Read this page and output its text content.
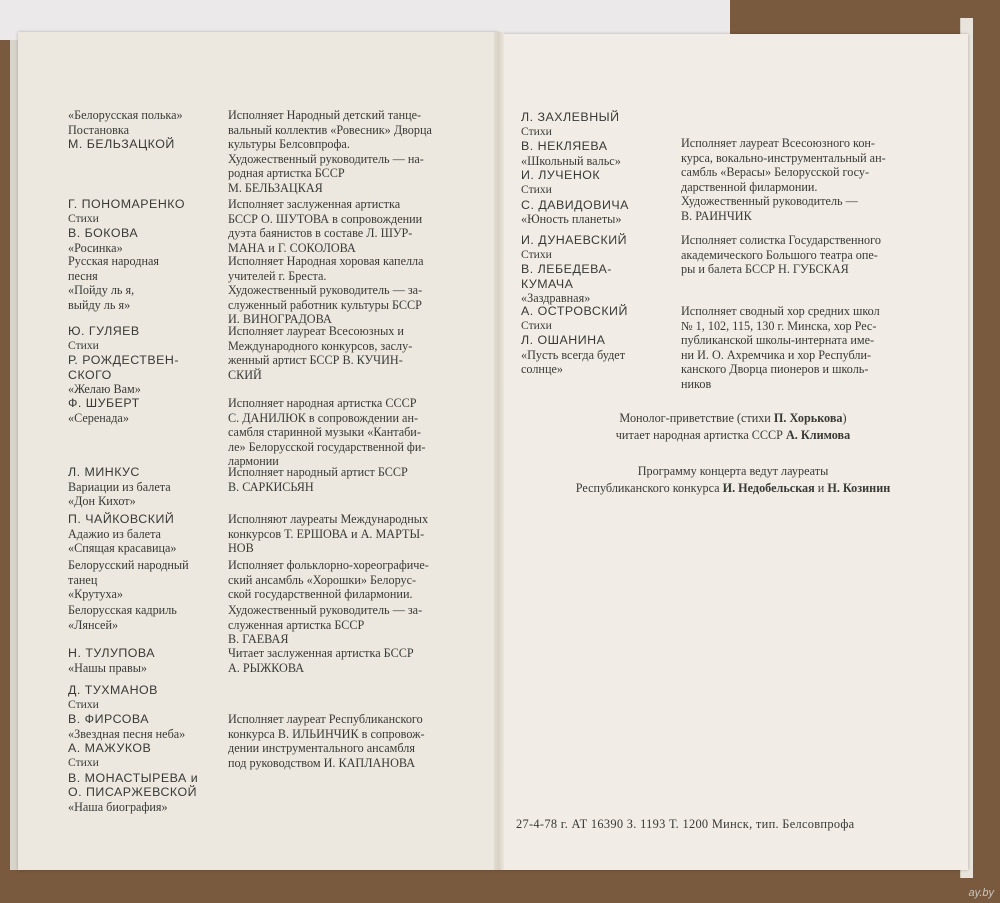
«Белорусская полька»
Постановка
М. БЕЛЬЗАЦКОЙ
Исполняет Народный детский танце-
вальный коллектив «Ровесник» Дворца
культуры Белсовпрофа.
Художественный руководитель — на-
родная артистка БССР
М. БЕЛЬЗАЦКАЯ
Г. ПОНОМАРЕНКО
Стихи
В. БОКОВА
«Росинка»
Исполняет заслуженная артистка
БССР О. ШУТОВА в сопровождении
дуэта баянистов в составе Л. ШУР-
МАНА и Г. СОКОЛОВА
Русская народная
песня
«Пойду ль я,
выйду ль я»
Исполняет Народная хоровая капелла
учителей г. Бреста.
Художественный руководитель — за-
служенный работник культуры БССР
И. ВИНОГРАДОВА
Ю. ГУЛЯЕВ
Стихи
Р. РОЖДЕСТВЕН-
СКОГО
«Желаю Вам»
Исполняет лауреат Всесоюзных и
Международного конкурсов, заслу-
женный артист БССР В. КУЧИН-
СКИЙ
Ф. ШУБЕРТ
«Серенада»
Исполняет народная артистка СССР
С. ДАНИЛЮК в сопровождении ан-
самбля старинной музыки «Кантаби-
ле» Белорусской государственной фи-
лармонии
Л. МИНКУС
Вариации из балета
«Дон Кихот»
Исполняет народный артист БССР
В. САРКИСЬЯН
П. ЧАЙКОВСКИЙ
Адажио из балета
«Спящая красавица»
Исполняют лауреаты Международных
конкурсов Т. ЕРШОВА и А. МАРТЫ-
НОВ
Белорусский народный
танец
«Крутуха»
Исполняет фольклорно-хореографиче-
ский ансамбль «Хорошки» Белорус-
ской государственной филармонии.
Белорусская кадриль
«Лянсей»
Художественный руководитель — за-
служенная артистка БССР
В. ГАЕВАЯ
Н. ТУЛУПОВА
«Нашы правы»
Читает заслуженная артистка БССР
А. РЫЖКОВА
Д. ТУХМАНОВ
Стихи
В. ФИРСОВА
«Звездная песня неба»
А. МАЖУКОВ
Стихи
В. МОНАСТЫРЕВА и
О. ПИСАРЖЕВСКОЙ
«Наша биография»
Исполняет лауреат Республиканского
конкурса В. ИЛЬИНЧИК в сопровож-
дении инструментального ансамбля
под руководством И. КАПЛАНОВА
Л. ЗАХЛЕВНЫЙ
Стихи
В. НЕКЛЯЕВА
«Школьный вальс»
И. ЛУЧЕНОК
Стихи
С. ДАВИДОВИЧА
«Юность планеты»
Исполняет лауреат Всесоюзного кон-
курса, вокально-инструментальный ан-
самбль «Верасы» Белорусской госу-
дарственной филармонии.
Художественный руководитель —
В. РАИНЧИК
И. ДУНАЕВСКИЙ
Стихи
В. ЛЕБЕДЕВА-
КУМАЧА
«Заздравная»
Исполняет солистка Государственного
академического Большого театра опе-
ры и балета БССР Н. ГУБСКАЯ
А. ОСТРОВСКИЙ
Стихи
Л. ОШАНИНА
«Пусть всегда будет
солнце»
Исполняет сводный хор средних школ
№ 1, 102, 115, 130 г. Минска, хор Рес-
публиканской школы-интерната име-
ни И. О. Ахремчика и хор Республи-
канского Дворца пионеров и школь-
ников
Монолог-приветствие (стихи П. Хорькова)
читает народная артистка СССР А. Климова
Программу концерта ведут лауреаты
Республиканского конкурса И. Недобельская и Н. Козинин
27-4-78 г. АТ 16390 З. 1193 Т. 1200 Минск, тип. Белсовпрофа
ay.by
